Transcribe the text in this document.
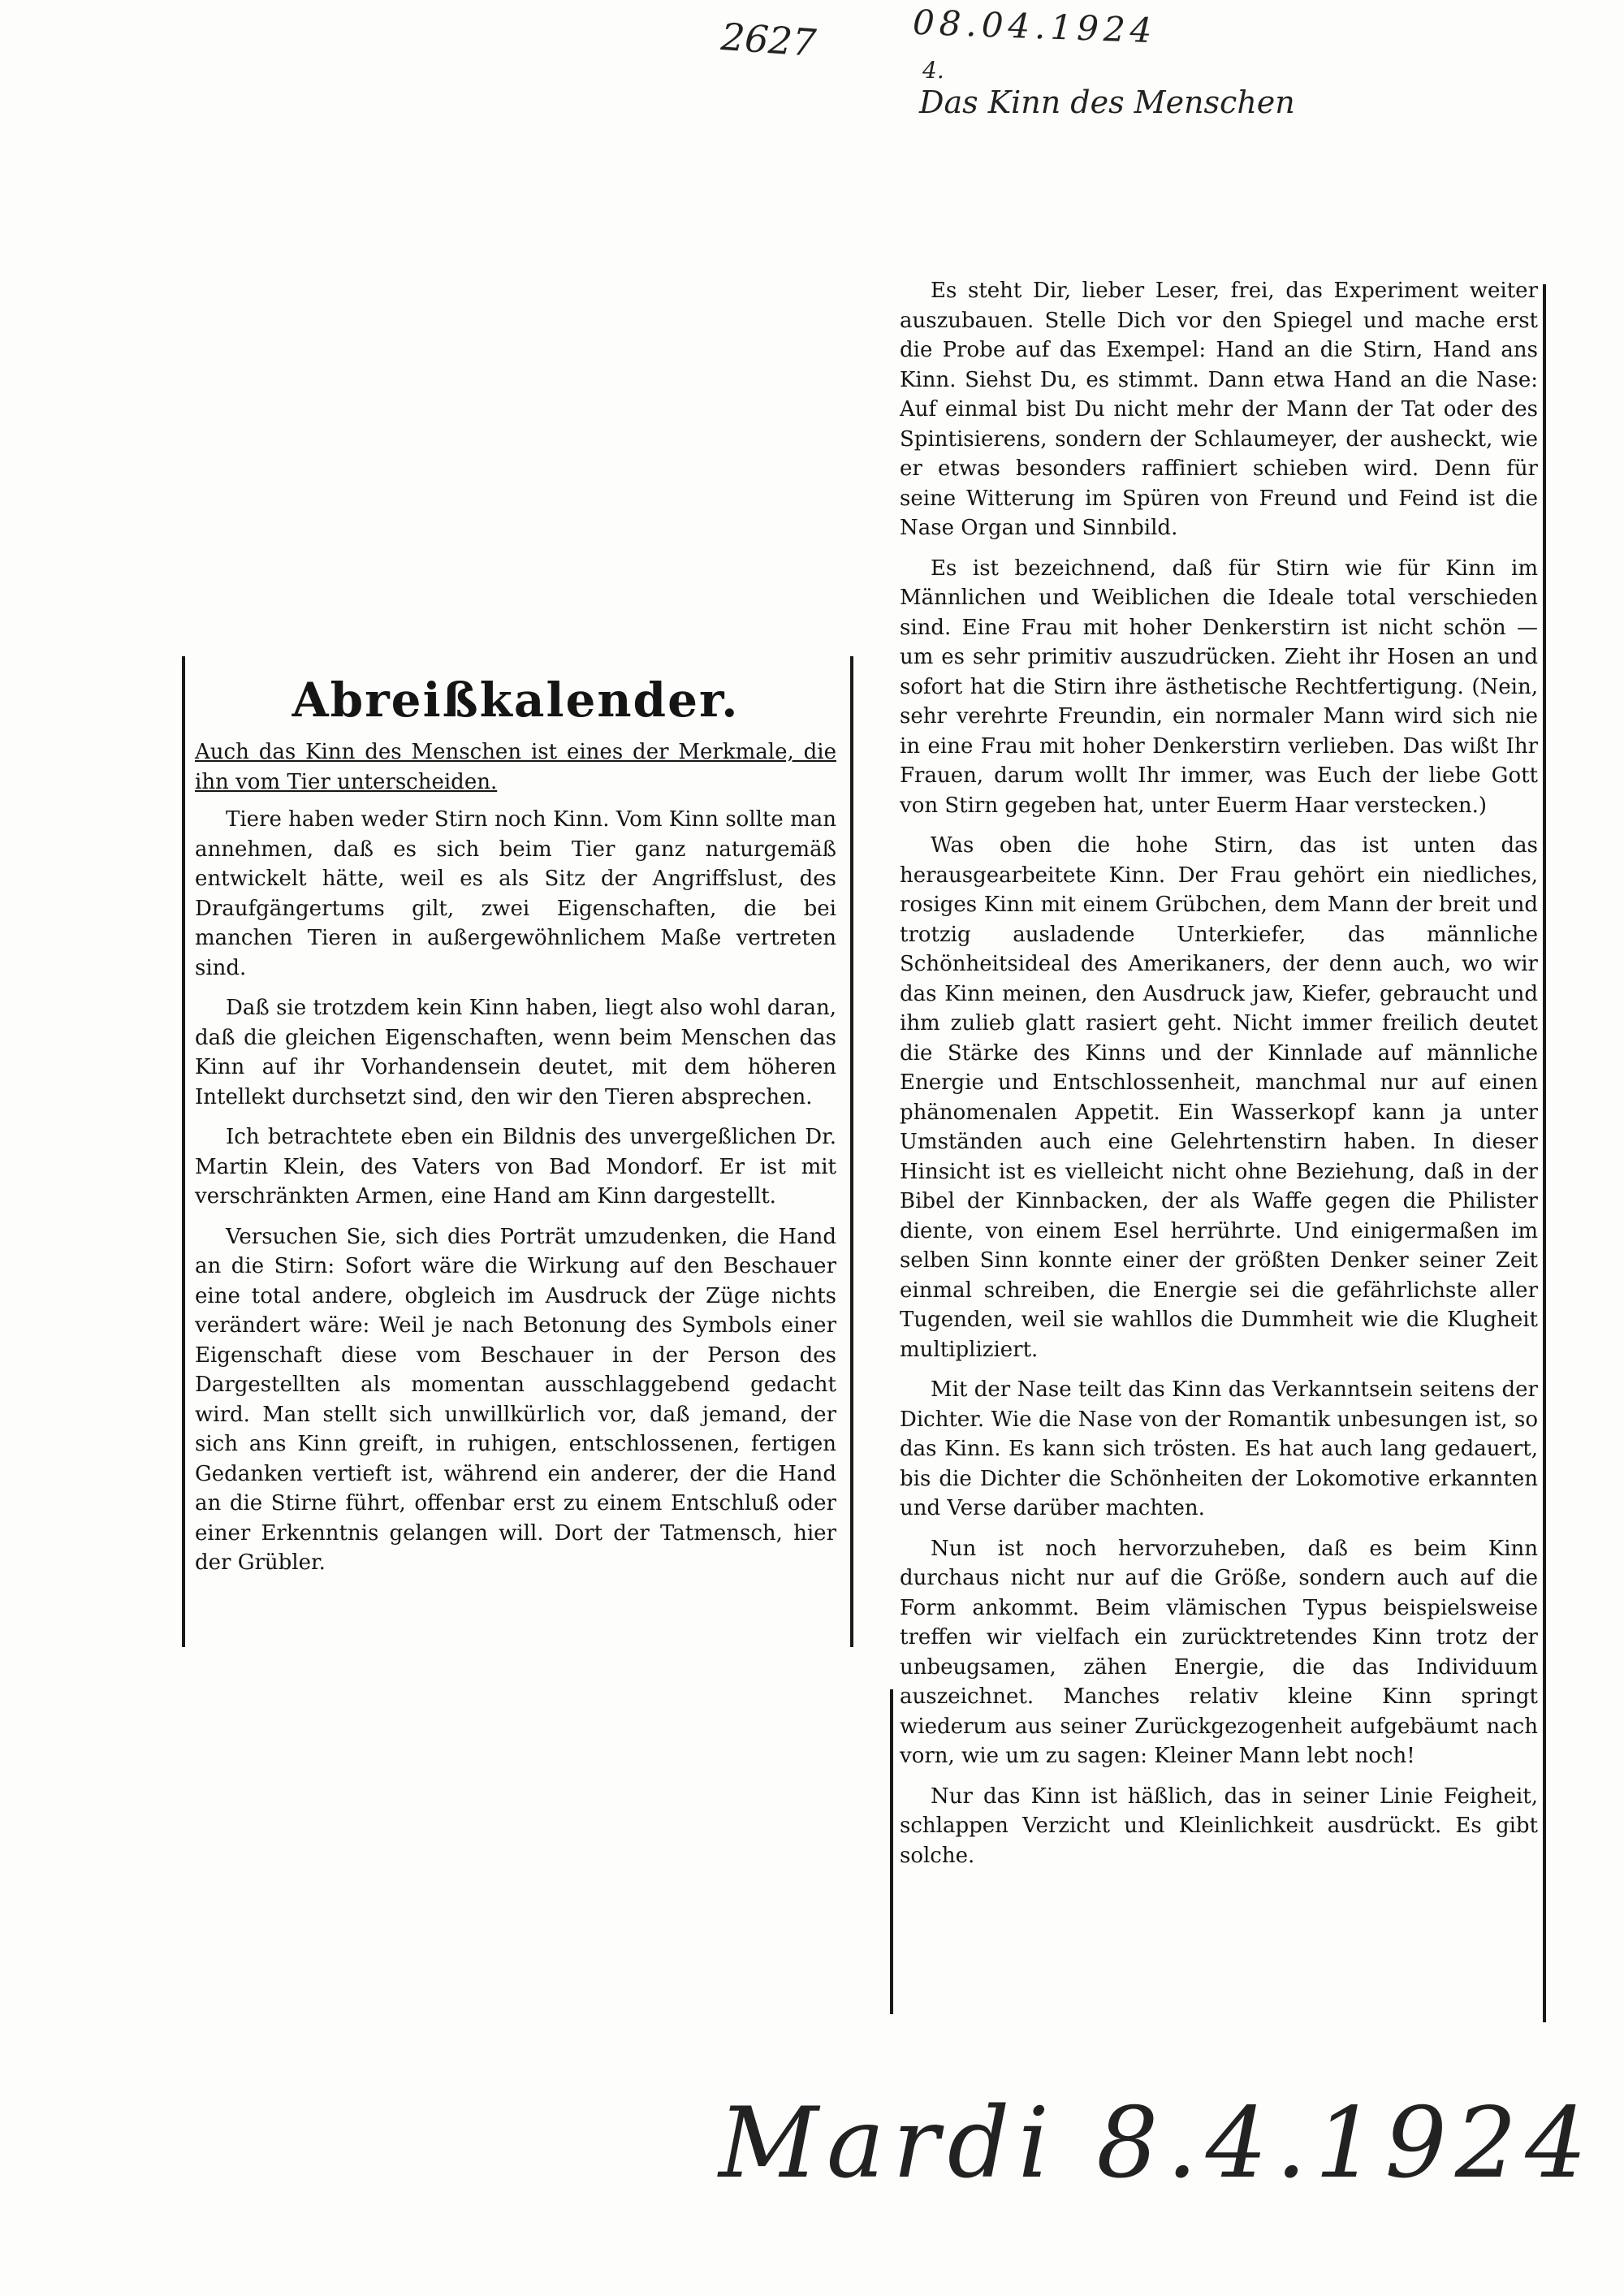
2627	08.04.1924
4.
Das Kinn des Menschen
Abreißkalender.
Auch das Kinn des Menschen ist eines der Merkmale, die ihn vom Tier unterscheiden.

Tiere haben weder Stirn noch Kinn. Vom Kinn sollte man annehmen, daß es sich beim Tier ganz naturgemäß entwickelt hätte, weil es als Sitz der Angriffslust, des Draufgängertums gilt, zwei Eigenschaften, die bei manchen Tieren in außergewöhnlichem Maße vertreten sind.

Daß sie trotzdem kein Kinn haben, liegt also wohl daran, daß die gleichen Eigenschaften, wenn beim Menschen das Kinn auf ihr Vorhandensein deutet, mit dem höheren Intellekt durchsetzt sind, den wir den Tieren absprechen.

Ich betrachtete eben ein Bildnis des unvergeßlichen Dr. Martin Klein, des Vaters von Bad Mondorf. Er ist mit verschränkten Armen, eine Hand am Kinn dargestellt.

Versuchen Sie, sich dies Porträt umzudenken, die Hand an die Stirn: Sofort wäre die Wirkung auf den Beschauer eine total andere, obgleich im Ausdruck der Züge nichts verändert wäre: Weil je nach Betonung des Symbols einer Eigenschaft diese vom Beschauer in der Person des Dargestellten als momentan ausschlaggebend gedacht wird. Man stellt sich unwillkürlich vor, daß jemand, der sich ans Kinn greift, in ruhigen, entschlossenen, fertigen Gedanken vertieft ist, während ein anderer, der die Hand an die Stirne führt, offenbar erst zu einem Entschluß oder einer Erkenntnis gelangen will. Dort der Tatmensch, hier der Grübler.

Es steht Dir, lieber Leser, frei, das Experiment weiter auszubauen. Stelle Dich vor den Spiegel und mache erst die Probe auf das Exempel: Hand an die Stirn, Hand ans Kinn. Siehst Du, es stimmt. Dann etwa Hand an die Nase: Auf einmal bist Du nicht mehr der Mann der Tat oder des Spintisierens, sondern der Schlaumeyer, der ausheckt, wie er etwas besonders raffiniert schieben wird. Denn für seine Witterung im Spüren von Freund und Feind ist die Nase Organ und Sinnbild.

Es ist bezeichnend, daß für Stirn wie für Kinn im Männlichen und Weiblichen die Ideale total verschieden sind. Eine Frau mit hoher Denkerstirn ist nicht schön — um es sehr primitiv auszudrücken. Zieht ihr Hosen an und sofort hat die Stirn ihre ästhetische Rechtfertigung. (Nein, sehr verehrte Freundin, ein normaler Mann wird sich nie in eine Frau mit hoher Denkerstirn verlieben. Das wißt Ihr Frauen, darum wollt Ihr immer, was Euch der liebe Gott von Stirn gegeben hat, unter Euerm Haar verstecken.)

Was oben die hohe Stirn, das ist unten das herausgearbeitete Kinn. Der Frau gehört ein niedliches, rosiges Kinn mit einem Grübchen, dem Mann der breit und trotzig ausladende Unterkiefer, das männliche Schönheitsideal des Amerikaners, der denn auch, wo wir das Kinn meinen, den Ausdruck jaw, Kiefer, gebraucht und ihm zulieb glatt rasiert geht. Nicht immer freilich deutet die Stärke des Kinns und der Kinnlade auf männliche Energie und Entschlossenheit, manchmal nur auf einen phänomenalen Appetit. Ein Wasserkopf kann ja unter Umständen auch eine Gelehrtenstirn haben. In dieser Hinsicht ist es vielleicht nicht ohne Beziehung, daß in der Bibel der Kinnbacken, der als Waffe gegen die Philister diente, von einem Esel herrührte. Und einigermaßen im selben Sinn konnte einer der größten Denker seiner Zeit einmal schreiben, die Energie sei die gefährlichste aller Tugenden, weil sie wahllos die Dummheit wie die Klugheit multipliziert.

Mit der Nase teilt das Kinn das Verkanntsein seitens der Dichter. Wie die Nase von der Romantik unbesungen ist, so das Kinn. Es kann sich trösten. Es hat auch lang gedauert, bis die Dichter die Schönheiten der Lokomotive erkannten und Verse darüber machten.

Nun ist noch hervorzuheben, daß es beim Kinn durchaus nicht nur auf die Größe, sondern auch auf die Form ankommt. Beim vlämischen Typus beispielsweise treffen wir vielfach ein zurücktretendes Kinn trotz der unbeugsamen, zähen Energie, die das Individuum auszeichnet. Manches relativ kleine Kinn springt wiederum aus seiner Zurückgezogenheit aufgebäumt nach vorn, wie um zu sagen: Kleiner Mann lebt noch!

Nur das Kinn ist häßlich, das in seiner Linie Feigheit, schlappen Verzicht und Kleinlichkeit ausdrückt. Es gibt solche.

Mardi 8.4.1924
